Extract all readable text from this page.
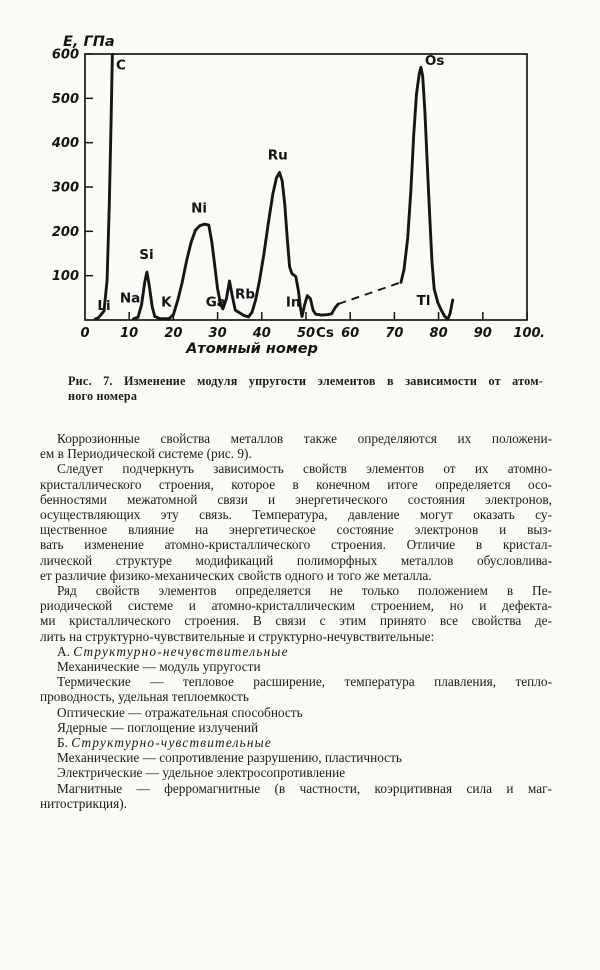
Е, ГПа
Атомный номер
100
200
300
400
500
600
0 10 20 30 40 50 60 70 80 90 100
Cs	.
C
Si
Ni
Ru
Os
Li Na K	Ga Rb In	Tl
Рис. 7. Изменение модуля упругости элементов в зависимости от атом-
ного номера
Коррозионные свойства металлов также определяются их положени-
ем в Периодической системе (рис. 9).
Следует подчеркнуть зависимость свойств элементов от их атомно-
кристаллического строения, которое в конечном итоге определяется осо-
бенностями межатомной связи и энергетического состояния электронов,
осуществляющих эту связь. Температура, давление могут оказать су-
щественное влияние на энергетическое состояние электронов и выз-
вать изменение атомно-кристаллического строения. Отличие в кристал-
лической структуре модификаций полиморфных металлов обусловлива-
ет различие физико-механических свойств одного и того же металла.
Ряд свойств элементов определяется не только положением в Пе-
риодической системе и атомно-кристаллическим строением, но и дефекта-
ми кристаллического строения. В связи с этим принято все свойства де-
лить на структурно-чувствительные и структурно-нечувствительные:
А. Структурно-нечувствительные
Механические — модуль упругости
Термические — тепловое расширение, температура плавления, тепло-
проводность, удельная теплоемкость
Оптические — отражательная способность
Ядерные — поглощение излучений
Б. Структурно-чувствительные
Механические — сопротивление разрушению, пластичность
Электрические — удельное электросопротивление
Магнитные — ферромагнитные (в частности, коэрцитивная сила и маг-
нитострикция).
